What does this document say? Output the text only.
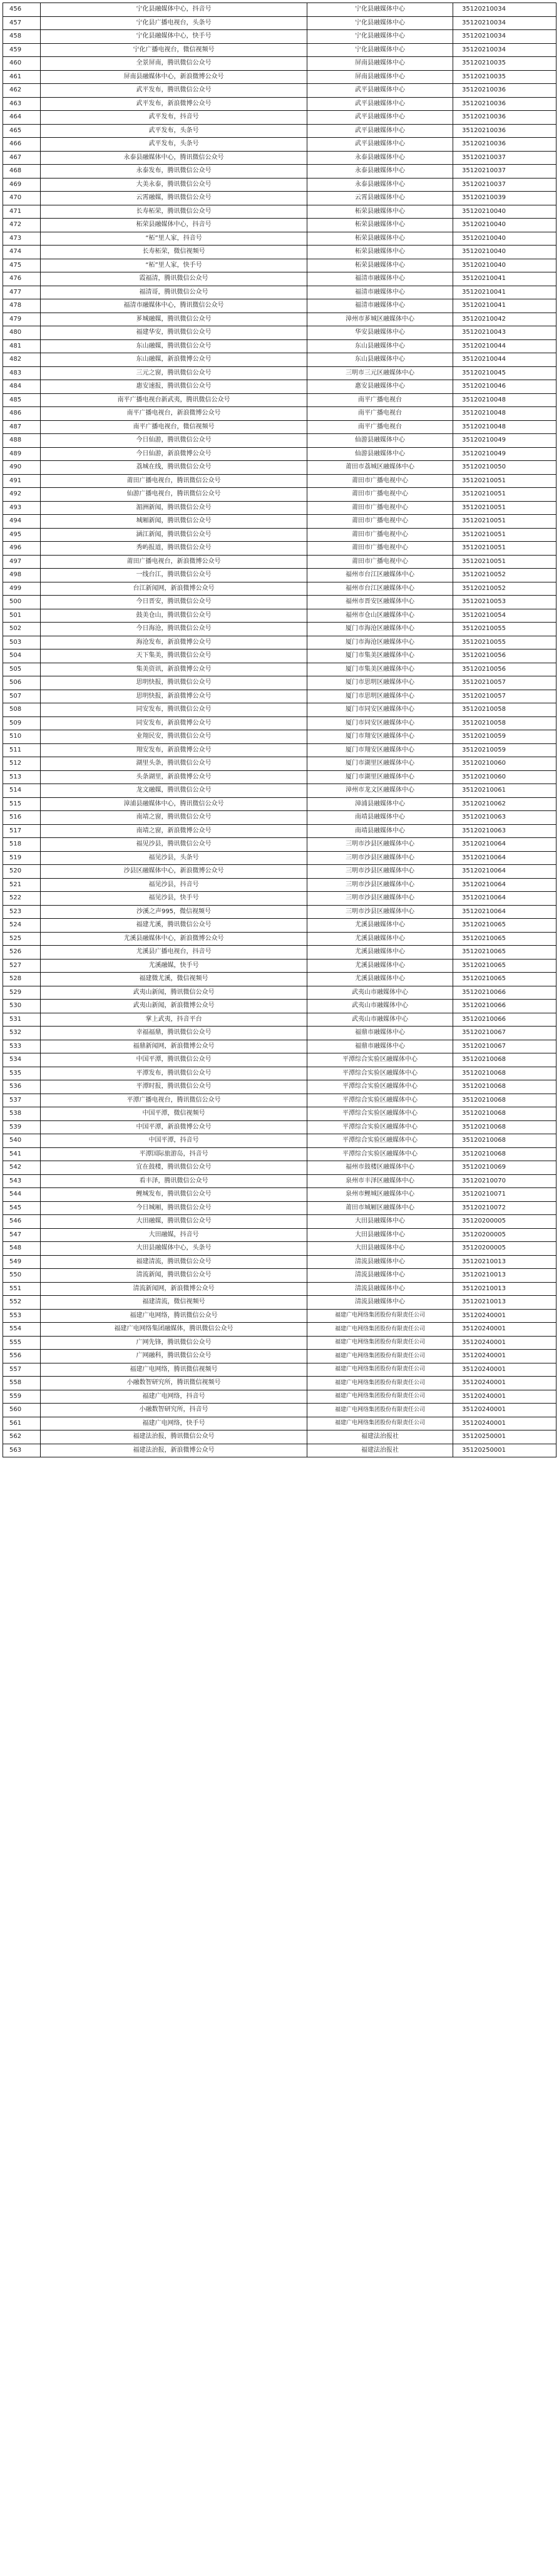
456	宁化县融媒体中心，抖音号	宁化县融媒体中心	35120210034
457	宁化县广播电视台，头条号	宁化县融媒体中心	35120210034
458	宁化县融媒体中心，快手号	宁化县融媒体中心	35120210034
459	宁化广播电视台，微信视频号	宁化县融媒体中心	35120210034
460	全景屏南，腾讯微信公众号	屏南县融媒体中心	35120210035
461	屏南县融媒体中心，新浪微博公众号	屏南县融媒体中心	35120210035
462	武平发布，腾讯微信公众号	武平县融媒体中心	35120210036
463	武平发布，新浪微博公众号	武平县融媒体中心	35120210036
464	武平发布，抖音号	武平县融媒体中心	35120210036
465	武平发布，头条号	武平县融媒体中心	35120210036
466	武平发布，头条号	武平县融媒体中心	35120210036
467	永泰县融媒体中心，腾讯微信公众号	永泰县融媒体中心	35120210037
468	永泰发布，腾讯微信公众号	永泰县融媒体中心	35120210037
469	大美永泰，腾讯微信公众号	永泰县融媒体中心	35120210037
470	云霄融媒，腾讯微信公众号	云霄县融媒体中心	35120210039
471	长寿柘荣，腾讯微信公众号	柘荣县融媒体中心	35120210040
472	柘荣县融媒体中心，抖音号	柘荣县融媒体中心	35120210040
473	“柘”里人家，抖音号	柘荣县融媒体中心	35120210040
474	长寿柘荣，微信视频号	柘荣县融媒体中心	35120210040
475	“柘”里人家，快手号	柘荣县融媒体中心	35120210040
476	霞福清，腾讯微信公众号	福清市融媒体中心	35120210041
477	福清哥，腾讯微信公众号	福清市融媒体中心	35120210041
478	福清市融媒体中心，腾讯微信公众号	福清市融媒体中心	35120210041
479	芗城融媒，腾讯微信公众号	漳州市芗城区融媒体中心	35120210042
480	福建华安，腾讯微信公众号	华安县融媒体中心	35120210043
481	东山融媒，腾讯微信公众号	东山县融媒体中心	35120210044
482	东山融媒，新浪微博公众号	东山县融媒体中心	35120210044
483	三元之窗，腾讯微信公众号	三明市三元区融媒体中心	35120210045
484	惠安速报，腾讯微信公众号	惠安县融媒体中心	35120210046
485	南平广播电视台新武夷，腾讯微信公众号	南平广播电视台	35120210048
486	南平广播电视台，新浪微博公众号	南平广播电视台	35120210048
487	南平广播电视台，微信视频号	南平广播电视台	35120210048
488	今日仙游，腾讯微信公众号	仙游县融媒体中心	35120210049
489	今日仙游，新浪微博公众号	仙游县融媒体中心	35120210049
490	荔城在线，腾讯微信公众号	莆田市荔城区融媒体中心	35120210050
491	莆田广播电视台，腾讯微信公众号	莆田市广播电视中心	35120210051
492	仙游广播电视台，腾讯微信公众号	莆田市广播电视中心	35120210051
493	湄洲新闻，腾讯微信公众号	莆田市广播电视中心	35120210051
494	城厢新闻，腾讯微信公众号	莆田市广播电视中心	35120210051
495	涵江新闻，腾讯微信公众号	莆田市广播电视中心	35120210051
496	秀屿报道，腾讯微信公众号	莆田市广播电视中心	35120210051
497	莆田广播电视台，新浪微博公众号	莆田市广播电视中心	35120210051
498	一线台江，腾讯微信公众号	福州市台江区融媒体中心	35120210052
499	台江新闻网，新浪微博公众号	福州市台江区融媒体中心	35120210052
500	今日晋安，腾讯微信公众号	福州市晋安区融媒体中心	35120210053
501	鼓美仓山，腾讯微信公众号	福州市仓山区融媒体中心	35120210054
502	今日海沧，腾讯微信公众号	厦门市海沧区融媒体中心	35120210055
503	海沧发布，新浪微博公众号	厦门市海沧区融媒体中心	35120210055
504	天下集美，腾讯微信公众号	厦门市集美区融媒体中心	35120210056
505	集美资讯，新浪微博公众号	厦门市集美区融媒体中心	35120210056
506	思明快报，腾讯微信公众号	厦门市思明区融媒体中心	35120210057
507	思明快报，新浪微博公众号	厦门市思明区融媒体中心	35120210057
508	同安发布，腾讯微信公众号	厦门市同安区融媒体中心	35120210058
509	同安发布，新浪微博公众号	厦门市同安区融媒体中心	35120210058
510	业翔民安，腾讯微信公众号	厦门市翔安区融媒体中心	35120210059
511	翔安发布，新浪微博公众号	厦门市翔安区融媒体中心	35120210059
512	湖里头条，腾讯微信公众号	厦门市湖里区融媒体中心	35120210060
513	头条湖里，新浪微博公众号	厦门市湖里区融媒体中心	35120210060
514	龙文融媒，腾讯微信公众号	漳州市龙文区融媒体中心	35120210061
515	漳浦县融媒体中心，腾讯微信公众号	漳浦县融媒体中心	35120210062
516	南靖之窗，腾讯微信公众号	南靖县融媒体中心	35120210063
517	南靖之窗，新浪微博公众号	南靖县融媒体中心	35120210063
518	福见沙县，腾讯微信公众号	三明市沙县区融媒体中心	35120210064
519	福见沙县，头条号	三明市沙县区融媒体中心	35120210064
520	沙县区融媒体中心，新浪微博公众号	三明市沙县区融媒体中心	35120210064
521	福见沙县，抖音号	三明市沙县区融媒体中心	35120210064
522	福见沙县，快手号	三明市沙县区融媒体中心	35120210064
523	沙溪之声995，微信视频号	三明市沙县区融媒体中心	35120210064
524	福建尤溪，腾讯微信公众号	尤溪县融媒体中心	35120210065
525	尤溪县融媒体中心，新浪微博公众号	尤溪县融媒体中心	35120210065
526	尤溪县广播电视台，抖音号	尤溪县融媒体中心	35120210065
527	尤溪融媒，快手号	尤溪县融媒体中心	35120210065
528	福建微尤溪，微信视频号	尤溪县融媒体中心	35120210065
529	武夷山新闻，腾讯微信公众号	武夷山市融媒体中心	35120210066
530	武夷山新闻，新浪微博公众号	武夷山市融媒体中心	35120210066
531	掌上武夷，抖音平台	武夷山市融媒体中心	35120210066
532	幸福福鼎，腾讯微信公众号	福鼎市融媒体中心	35120210067
533	福鼎新闻网，新浪微博公众号	福鼎市融媒体中心	35120210067
534	中国平潭，腾讯微信公众号	平潭综合实验区融媒体中心	35120210068
535	平潭发布，腾讯微信公众号	平潭综合实验区融媒体中心	35120210068
536	平潭时报，腾讯微信公众号	平潭综合实验区融媒体中心	35120210068
537	平潭广播电视台，腾讯微信公众号	平潭综合实验区融媒体中心	35120210068
538	中国平潭，微信视频号	平潭综合实验区融媒体中心	35120210068
539	中国平潭，新浪微博公众号	平潭综合实验区融媒体中心	35120210068
540	中国平潭，抖音号	平潭综合实验区融媒体中心	35120210068
541	平潭国际旅游岛，抖音号	平潭综合实验区融媒体中心	35120210068
542	宜在鼓楼，腾讯微信公众号	福州市鼓楼区融媒体中心	35120210069
543	看丰泽，腾讯微信公众号	泉州市丰泽区融媒体中心	35120210070
544	鲤城发布，腾讯微信公众号	泉州市鲤城区融媒体中心	35120210071
545	今日城厢，腾讯微信公众号	莆田市城厢区融媒体中心	35120210072
546	大田融媒，腾讯微信公众号	大田县融媒体中心	35120200005
547	大田融媒，抖音号	大田县融媒体中心	35120200005
548	大田县融媒体中心，头条号	大田县融媒体中心	35120200005
549	福建清流，腾讯微信公众号	清流县融媒体中心	35120210013
550	清流新闻，腾讯微信公众号	清流县融媒体中心	35120210013
551	清流新闻网，新浪微博公众号	清流县融媒体中心	35120210013
552	福建清流，微信视频号	清流县融媒体中心	35120210013
553	福建广电网络，腾讯微信公众号	福建广电网络集团股份有限责任公司	35120240001
554	福建广电网络集团融媒体，腾讯微信公众号	福建广电网络集团股份有限责任公司	35120240001
555	广网先锋，腾讯微信公众号	福建广电网络集团股份有限责任公司	35120240001
556	广网融科，腾讯微信公众号	福建广电网络集团股份有限责任公司	35120240001
557	福建广电网络，腾讯微信视频号	福建广电网络集团股份有限责任公司	35120240001
558	小融数智研究所，腾讯微信视频号	福建广电网络集团股份有限责任公司	35120240001
559	福建广电网络，抖音号	福建广电网络集团股份有限责任公司	35120240001
560	小融数智研究所，抖音号	福建广电网络集团股份有限责任公司	35120240001
561	福建广电网络，快手号	福建广电网络集团股份有限责任公司	35120240001
562	福建法治报，腾讯微信公众号	福建法治报社	35120250001
563	福建法治报，新浪微博公众号	福建法治报社	35120250001
